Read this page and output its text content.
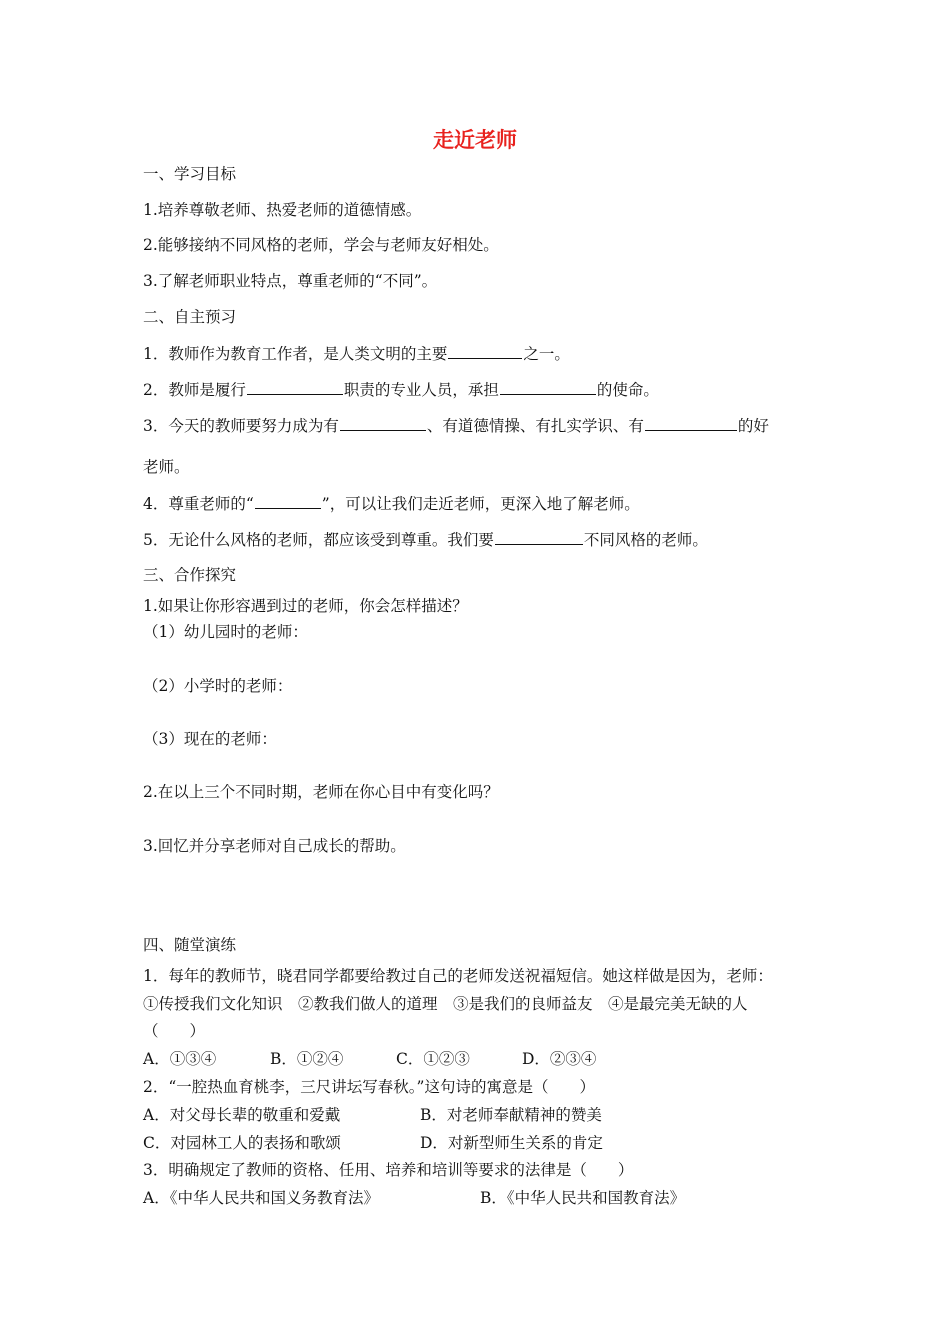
走近老师
一、学习目标
1.培养尊敬老师、热爱老师的道德情感。
2.能够接纳不同风格的老师，学会与老师友好相处。
3.了解老师职业特点，尊重老师的“不同”。
二、自主预习
1．教师作为教育工作者，是人类文明的主要	之一。
2．教师是履行	职责的专业人员，承担	的使命。
3．今天的教师要努力成为有	、有道德情操、有扎实学识、有	的好
老师。
4．尊重老师的“	”，可以让我们走近老师，更深入地了解老师。
5．无论什么风格的老师，都应该受到尊重。我们要	不同风格的老师。
三、合作探究
1.如果让你形容遇到过的老师，你会怎样描述？
（1）幼儿园时的老师：
（2）小学时的老师：
（3）现在的老师：
2.在以上三个不同时期，老师在你心目中有变化吗？
3.回忆并分享老师对自己成长的帮助。
四、随堂演练
1．每年的教师节，晓君同学都要给教过自己的老师发送祝福短信。她这样做是因为，老师：
①传授我们文化知识　②教我们做人的道理　③是我们的良师益友　④是最完美无缺的人
（　　）
A．①③④	B．①②④	C．①②③	D．②③④
2．“一腔热血育桃李，三尺讲坛写春秋。”这句诗的寓意是（　　）
A．对父母长辈的敬重和爱戴	B．对老师奉献精神的赞美
C．对园林工人的表扬和歌颂	D．对新型师生关系的肯定
3．明确规定了教师的资格、任用、培养和培训等要求的法律是（　　）
A．《中华人民共和国义务教育法》	B．《中华人民共和国教育法》
